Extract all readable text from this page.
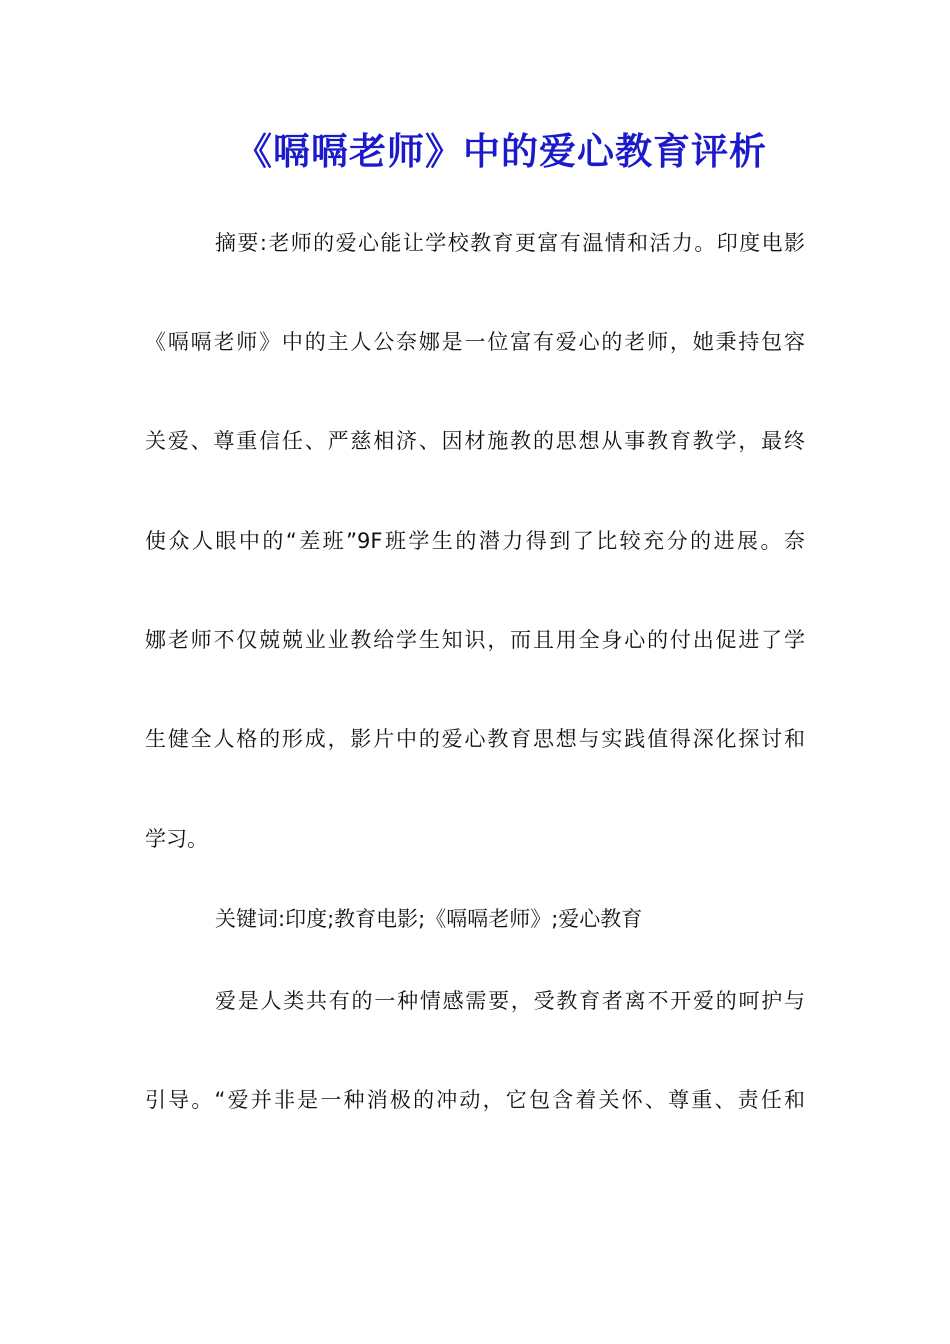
《嗝嗝老师》中的爱心教育评析

摘要:老师的爱心能让学校教育更富有温情和活力。印度电影

《嗝嗝老师》中的主人公奈娜是一位富有爱心的老师，她秉持包容

关爱、尊重信任、严慈相济、因材施教的思想从事教育教学，最终

使众人眼中的“差班”9F班学生的潜力得到了比较充分的进展。奈

娜老师不仅兢兢业业教给学生知识，而且用全身心的付出促进了学

生健全人格的形成，影片中的爱心教育思想与实践值得深化探讨和

学习。

关键词:印度;教育电影;《嗝嗝老师》;爱心教育

爱是人类共有的一种情感需要，受教育者离不开爱的呵护与

引导。“爱并非是一种消极的冲动，它包含着关怀、尊重、责任和
